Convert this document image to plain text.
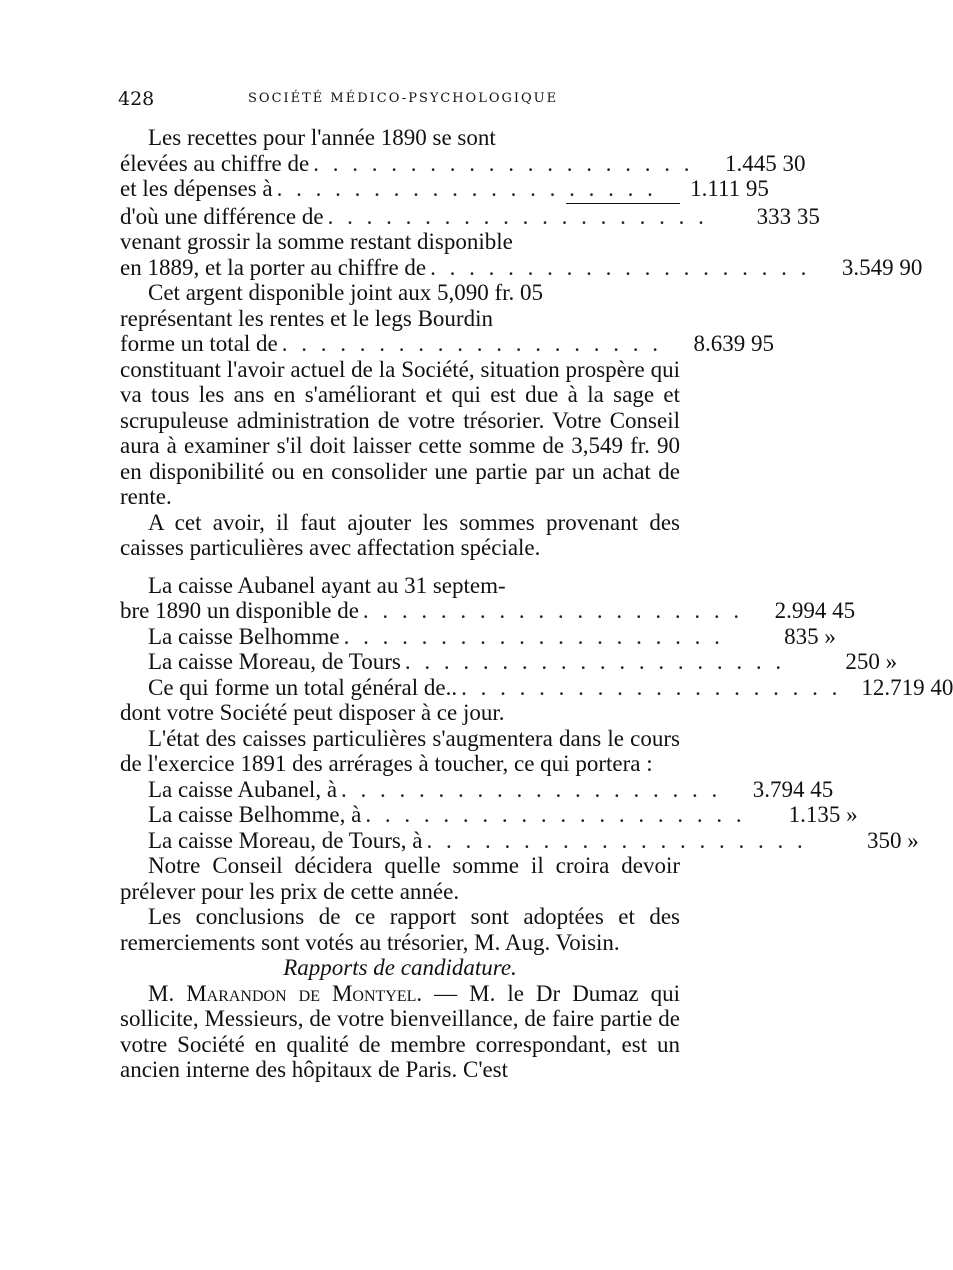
428	SOCIÉTÉ MÉDICO-PSYCHOLOGIQUE

Les recettes pour l'année 1890 se sont

élevées au chiffre de . . . . . . . . . . . . . . . . . . . .	1.445 30
et les dépenses à . . . . . . . . . . . . . . . . . . . .	1.111 95
d'où une différence de . . . . . . . . . . . . . . . . . . . .	333 35

venant grossir la somme restant disponible

en 1889, et la porter au chiffre de . . . . . . . . . . . . . . . . . . . .	3.549 90

Cet argent disponible joint aux 5,090 fr. 05

représentant les rentes et le legs Bourdin

forme un total de . . . . . . . . . . . . . . . . . . . .	8.639 95

constituant l'avoir actuel de la Société, situation prospère qui va tous les ans en s'améliorant et qui est due à la sage et scrupuleuse administration de votre trésorier. Votre Conseil aura à examiner s'il doit laisser cette somme de 3,549 fr. 90 en disponibilité ou en consolider une partie par un achat de rente.

A cet avoir, il faut ajouter les sommes provenant des caisses particulières avec affectation spéciale.

La caisse Aubanel ayant au 31 septem-

bre 1890 un disponible de . . . . . . . . . . . . . . . . . . . .	2.994 45
La caisse Belhomme . . . . . . . . . . . . . . . . . . . .	835 »
La caisse Moreau, de Tours . . . . . . . . . . . . . . . . . . . .	250 »
Ce qui forme un total général de.. . . . . . . . . . . . . . . . . . . . . 12.719 40

dont votre Société peut disposer à ce jour.

L'état des caisses particulières s'augmentera dans le cours de l'exercice 1891 des arrérages à toucher, ce qui portera :

La caisse Aubanel, à . . . . . . . . . . . . . . . . . . . .	3.794 45
La caisse Belhomme, à . . . . . . . . . . . . . . . . . . . .	1.135 »
La caisse Moreau, de Tours, à . . . . . . . . . . . . . . . . . . . .	350 »

Notre Conseil décidera quelle somme il croira devoir prélever pour les prix de cette année.

Les conclusions de ce rapport sont adoptées et des remerciements sont votés au trésorier, M. Aug. Voisin.

Rapports de candidature.

M. Marandon de Montyel. — M. le Dr Dumaz qui sollicite, Messieurs, de votre bienveillance, de faire partie de votre Société en qualité de membre correspondant, est un ancien interne des hôpitaux de Paris. C'est
